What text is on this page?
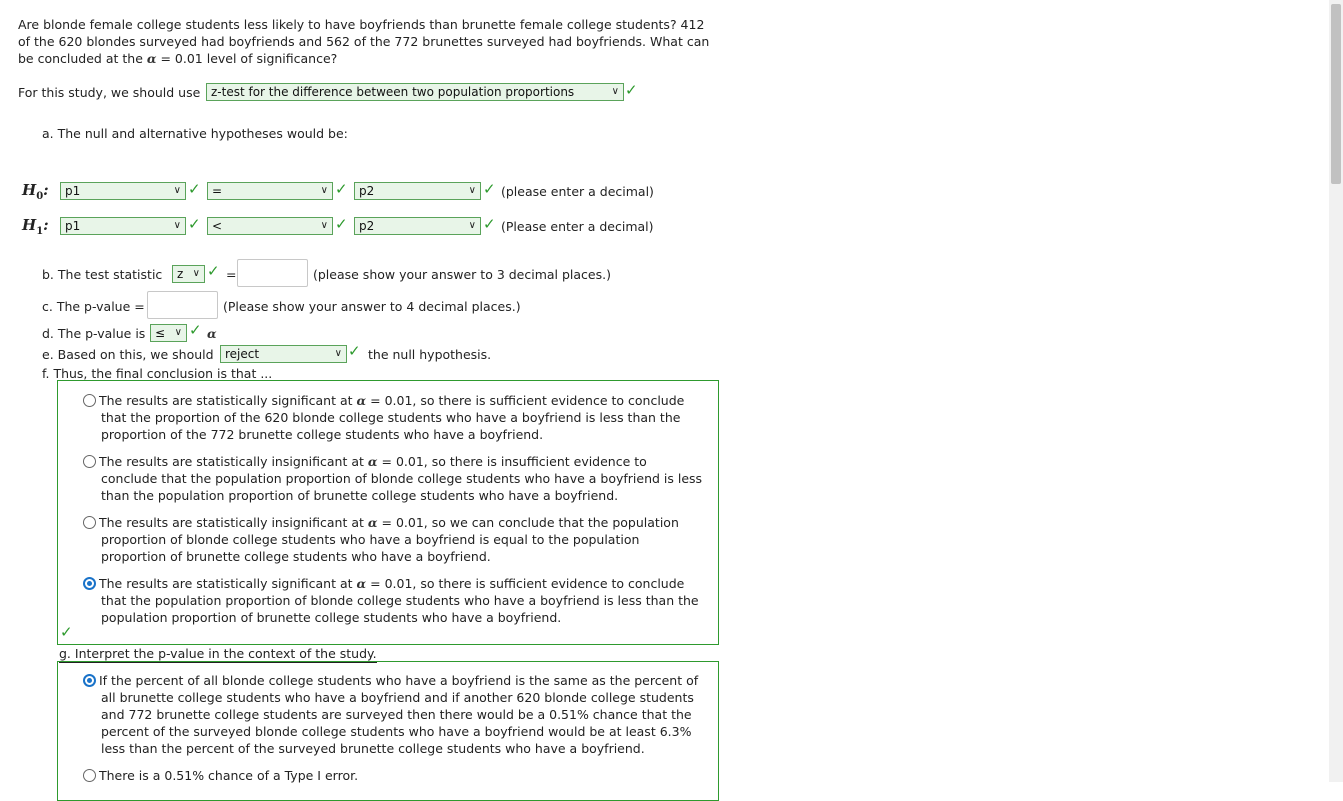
Are blonde female college students less likely to have boyfriends than brunette female college students? 412 of the 620 blondes surveyed had boyfriends and 562 of the 772 brunettes surveyed had boyfriends. What can be concluded at the α = 0.01 level of significance?
For this study, we should use z-test for the difference between two population proportions	∨ ✓
a. The null and alternative hypotheses would be:
$H_0$:	p1	∨ ✓ =	∨ ✓ p2	∨ ✓ (please enter a decimal)
$H_1$:	p1	∨ ✓ <	∨ ✓ p2	∨ ✓ (Please enter a decimal)
b. The test statistic	z ∨ ✓ =	(please show your answer to 3 decimal places.)
c. The p-value =	(Please show your answer to 4 decimal places.)
d. The p-value is ≤ ∨ ✓ α
e. Based on this, we should reject	∨ ✓ the null hypothesis.
f. Thus, the final conclusion is that ...
The results are statistically significant at α = 0.01, so there is sufficient evidence to conclude that the proportion of the 620 blonde college students who have a boyfriend is less than the proportion of the 772 brunette college students who have a boyfriend.
The results are statistically insignificant at α = 0.01, so there is insufficient evidence to conclude that the population proportion of blonde college students who have a boyfriend is less than the population proportion of brunette college students who have a boyfriend.
The results are statistically insignificant at α = 0.01, so we can conclude that the population proportion of blonde college students who have a boyfriend is equal to the population proportion of brunette college students who have a boyfriend.
The results are statistically significant at α = 0.01, so there is sufficient evidence to conclude that the population proportion of blonde college students who have a boyfriend is less than the population proportion of brunette college students who have a boyfriend.
✓
g. Interpret the p-value in the context of the study.
If the percent of all blonde college students who have a boyfriend is the same as the percent of all brunette college students who have a boyfriend and if another 620 blonde college students and 772 brunette college students are surveyed then there would be a 0.51% chance that the percent of the surveyed blonde college students who have a boyfriend would be at least 6.3% less than the percent of the surveyed brunette college students who have a boyfriend.
There is a 0.51% chance of a Type I error.
